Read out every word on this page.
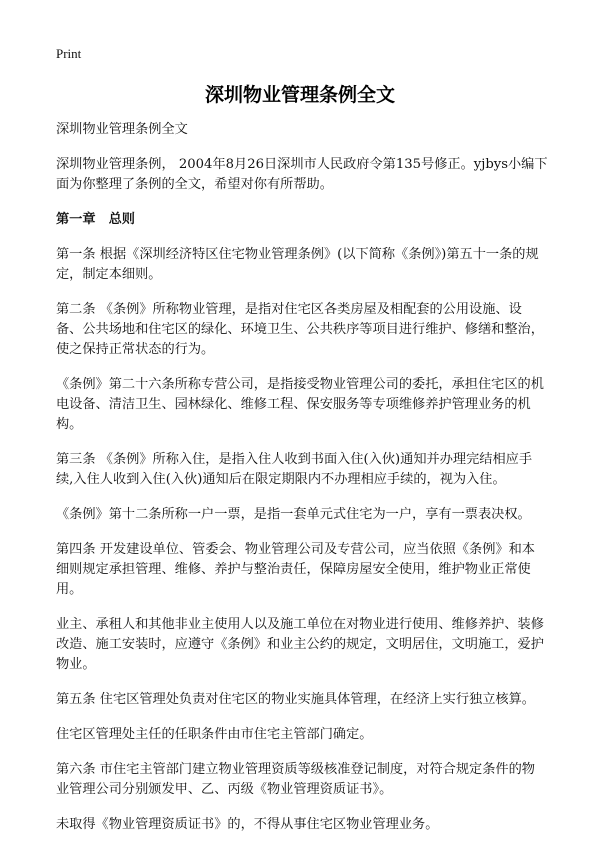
Print
深圳物业管理条例全文

深圳物业管理条例全文

深圳物业管理条例， 2004年8月26日深圳市人民政府令第135号修正。yjbys小编下面为你整理了条例的全文，希望对你有所帮助。

第一章 总则

第一条 根据《深圳经济特区住宅物业管理条例》(以下简称《条例》)第五十一条的规定，制定本细则。

第二条 《条例》所称物业管理，是指对住宅区各类房屋及相配套的公用设施、设备、公共场地和住宅区的绿化、环境卫生、公共秩序等项目进行维护、修缮和整治，使之保持正常状态的行为。

《条例》第二十六条所称专营公司，是指接受物业管理公司的委托，承担住宅区的机电设备、清洁卫生、园林绿化、维修工程、保安服务等专项维修养护管理业务的机构。

第三条 《条例》所称入住，是指入住人收到书面入住(入伙)通知并办理完结相应手续,入住人收到入住(入伙)通知后在限定期限内不办理相应手续的，视为入住。

《条例》第十二条所称一户一票，是指一套单元式住宅为一户，享有一票表决权。

第四条 开发建设单位、管委会、物业管理公司及专营公司，应当依照《条例》和本细则规定承担管理、维修、养护与整治责任，保障房屋安全使用，维护物业正常使用。

业主、承租人和其他非业主使用人以及施工单位在对物业进行使用、维修养护、装修改造、施工安装时，应遵守《条例》和业主公约的规定，文明居住，文明施工，爱护物业。

第五条 住宅区管理处负责对住宅区的物业实施具体管理，在经济上实行独立核算。

住宅区管理处主任的任职条件由市住宅主管部门确定。

第六条 市住宅主管部门建立物业管理资质等级核准登记制度，对符合规定条件的物业管理公司分别颁发甲、乙、丙级《物业管理资质证书》。

未取得《物业管理资质证书》的，不得从事住宅区物业管理业务。
